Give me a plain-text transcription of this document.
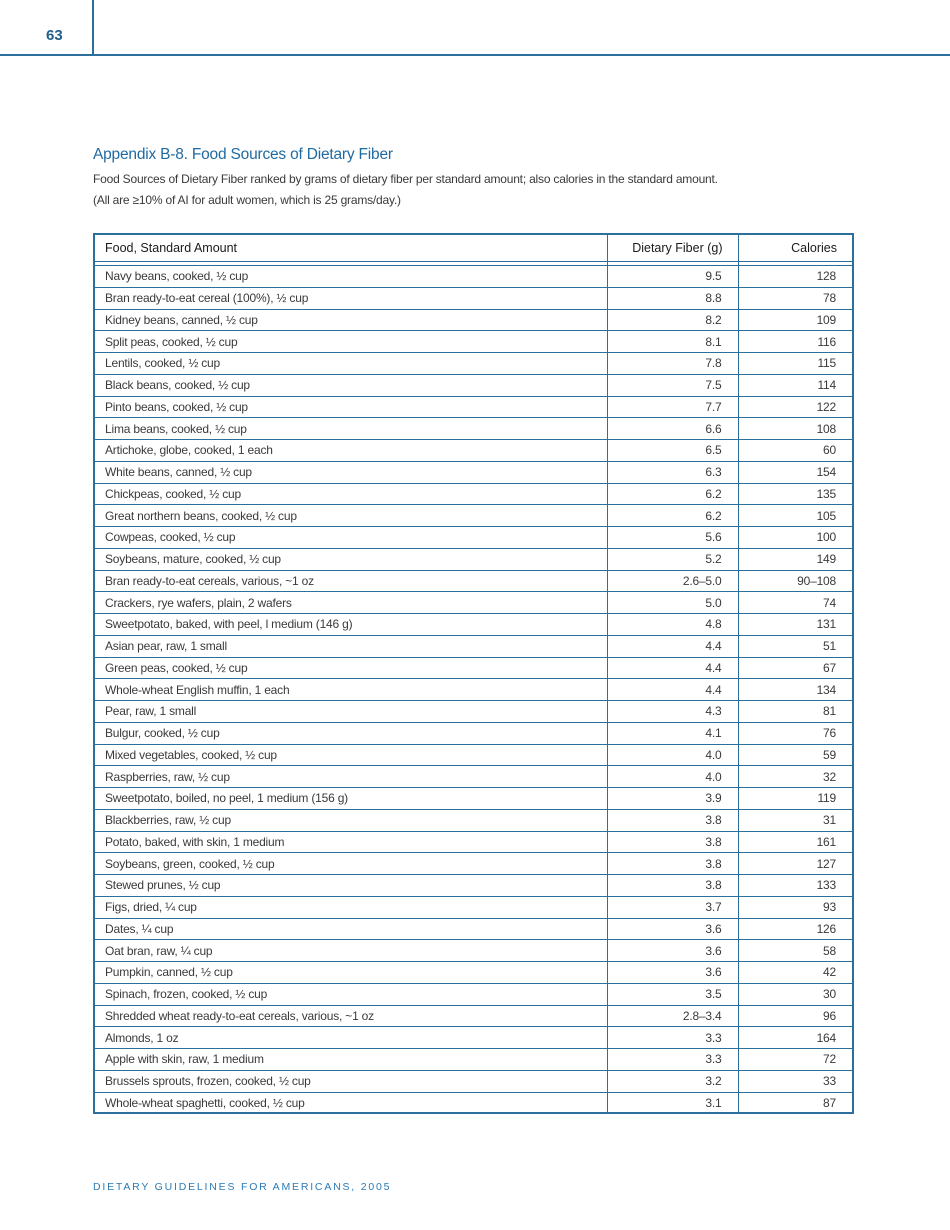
63
Appendix B-8. Food Sources of Dietary Fiber
Food Sources of Dietary Fiber ranked by grams of dietary fiber per standard amount; also calories in the standard amount.
(All are ≥10% of AI for adult women, which is 25 grams/day.)
Food, Standard Amount	Dietary Fiber (g)	Calories

Navy beans, cooked, ½ cup	9.5	128
Bran ready-to-eat cereal (100%), ½ cup	8.8	78
Kidney beans, canned, ½ cup	8.2	109
Split peas, cooked, ½ cup	8.1	116
Lentils, cooked, ½ cup	7.8	115
Black beans, cooked, ½ cup	7.5	114
Pinto beans, cooked, ½ cup	7.7	122
Lima beans, cooked, ½ cup	6.6	108
Artichoke, globe, cooked, 1 each	6.5	60
White beans, canned, ½ cup	6.3	154
Chickpeas, cooked, ½ cup	6.2	135
Great northern beans, cooked, ½ cup	6.2	105
Cowpeas, cooked, ½ cup	5.6	100
Soybeans, mature, cooked, ½ cup	5.2	149
Bran ready-to-eat cereals, various, ~1 oz	2.6–5.0	90–108
Crackers, rye wafers, plain, 2 wafers	5.0	74
Sweetpotato, baked, with peel, l medium (146 g)	4.8	131
Asian pear, raw, 1 small	4.4	51
Green peas, cooked, ½ cup	4.4	67
Whole-wheat English muffin, 1 each	4.4	134
Pear, raw, 1 small	4.3	81
Bulgur, cooked, ½ cup	4.1	76
Mixed vegetables, cooked, ½ cup	4.0	59
Raspberries, raw, ½ cup	4.0	32
Sweetpotato, boiled, no peel, 1 medium (156 g)	3.9	119
Blackberries, raw, ½ cup	3.8	31
Potato, baked, with skin, 1 medium	3.8	161
Soybeans, green, cooked, ½ cup	3.8	127
Stewed prunes, ½ cup	3.8	133
Figs, dried, ¼ cup	3.7	93
Dates, ¼ cup	3.6	126
Oat bran, raw, ¼ cup	3.6	58
Pumpkin, canned, ½ cup	3.6	42
Spinach, frozen, cooked, ½ cup	3.5	30
Shredded wheat ready-to-eat cereals, various, ~1 oz	2.8–3.4	96
Almonds, 1 oz	3.3	164
Apple with skin, raw, 1 medium	3.3	72
Brussels sprouts, frozen, cooked, ½ cup	3.2	33
Whole-wheat spaghetti, cooked, ½ cup	3.1	87
DIETARY GUIDELINES FOR AMERICANS, 2005
